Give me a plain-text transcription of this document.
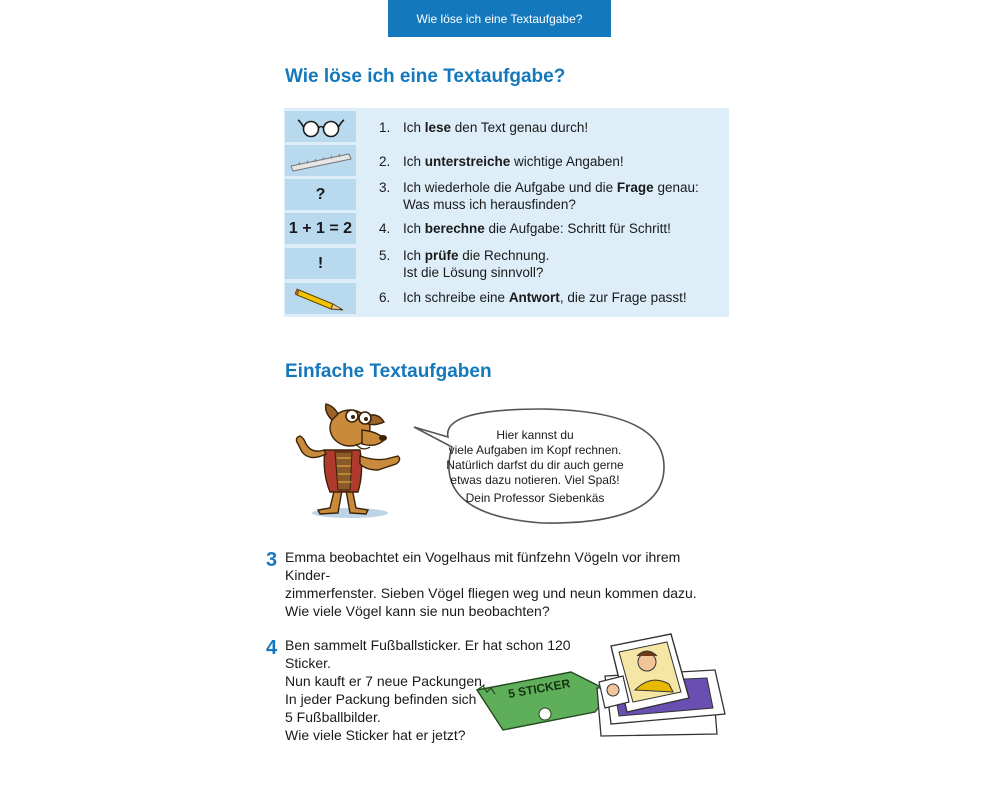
Wie löse ich eine Textaufgabe?
Wie löse ich eine Textaufgabe?
?
1 + 1 = 2
!
1. Ich lese den Text genau durch!
2. Ich unterstreiche wichtige Angaben!
3. Ich wiederhole die Aufgabe und die Frage genau:
Was muss ich herausfinden?
4. Ich berechne die Aufgabe: Schritt für Schritt!
5. Ich prüfe die Rechnung.
Ist die Lösung sinnvoll?
6. Ich schreibe eine Antwort, die zur Frage passt!
Einfache Textaufgaben
Hier kannst du
viele Aufgaben im Kopf rechnen.
Natürlich darfst du dir auch gerne
etwas dazu notieren. Viel Spaß!
Dein Professor Siebenkäs
3 Emma beobachtet ein Vogelhaus mit fünfzehn Vögeln vor ihrem Kinder-
zimmerfenster. Sieben Vögel fliegen weg und neun kommen dazu.
Wie viele Vögel kann sie nun beobachten?
4 Ben sammelt Fußballsticker. Er hat schon 120 Sticker.
Nun kauft er 7 neue Packungen.
In jeder Packung befinden sich
5 Fußballbilder.
Wie viele Sticker hat er jetzt?
5 STICKER
